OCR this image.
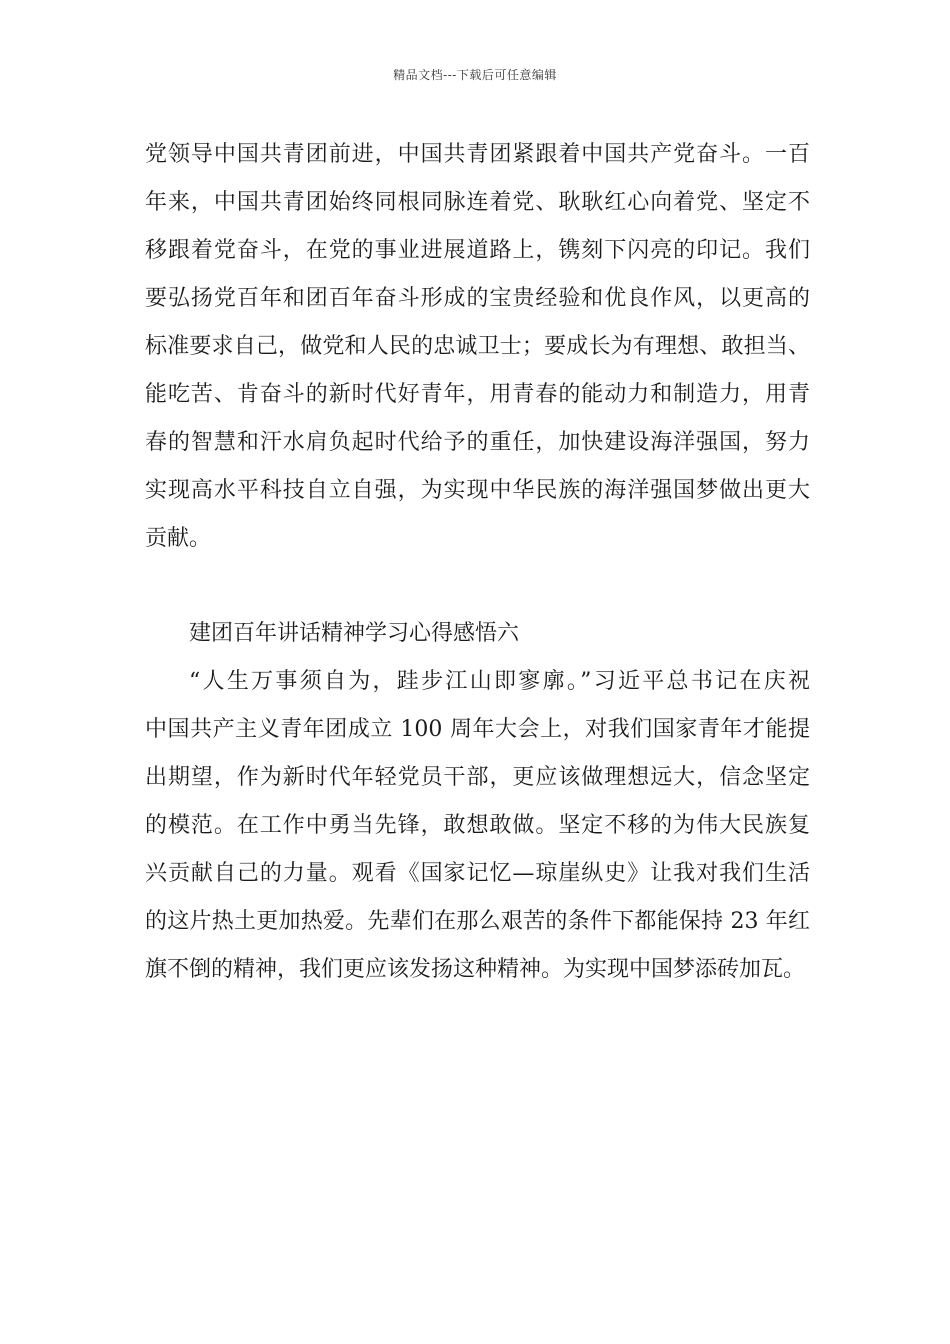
精品文档---下载后可任意编辑
党领导中国共青团前进，中国共青团紧跟着中国共产党奋斗。一百
年来，中国共青团始终同根同脉连着党、耿耿红心向着党、坚定不
移跟着党奋斗，在党的事业进展道路上，镌刻下闪亮的印记。我们
要弘扬党百年和团百年奋斗形成的宝贵经验和优良作风，以更高的
标准要求自己，做党和人民的忠诚卫士；要成长为有理想、敢担当、
能吃苦、肯奋斗的新时代好青年，用青春的能动力和制造力，用青
春的智慧和汗水肩负起时代给予的重任，加快建设海洋强国，努力
实现高水平科技自立自强，为实现中华民族的海洋强国梦做出更大
贡献。
建团百年讲话精神学习心得感悟六
“人生万事须自为，跬步江山即寥廓。”习近平总书记在庆祝
中国共产主义青年团成立 100 周年大会上，对我们国家青年才能提
出期望，作为新时代年轻党员干部，更应该做理想远大，信念坚定
的模范。在工作中勇当先锋，敢想敢做。坚定不移的为伟大民族复
兴贡献自己的力量。观看《国家记忆—琼崖纵史》让我对我们生活
的这片热土更加热爱。先辈们在那么艰苦的条件下都能保持 23 年红
旗不倒的精神，我们更应该发扬这种精神。为实现中国梦添砖加瓦。
